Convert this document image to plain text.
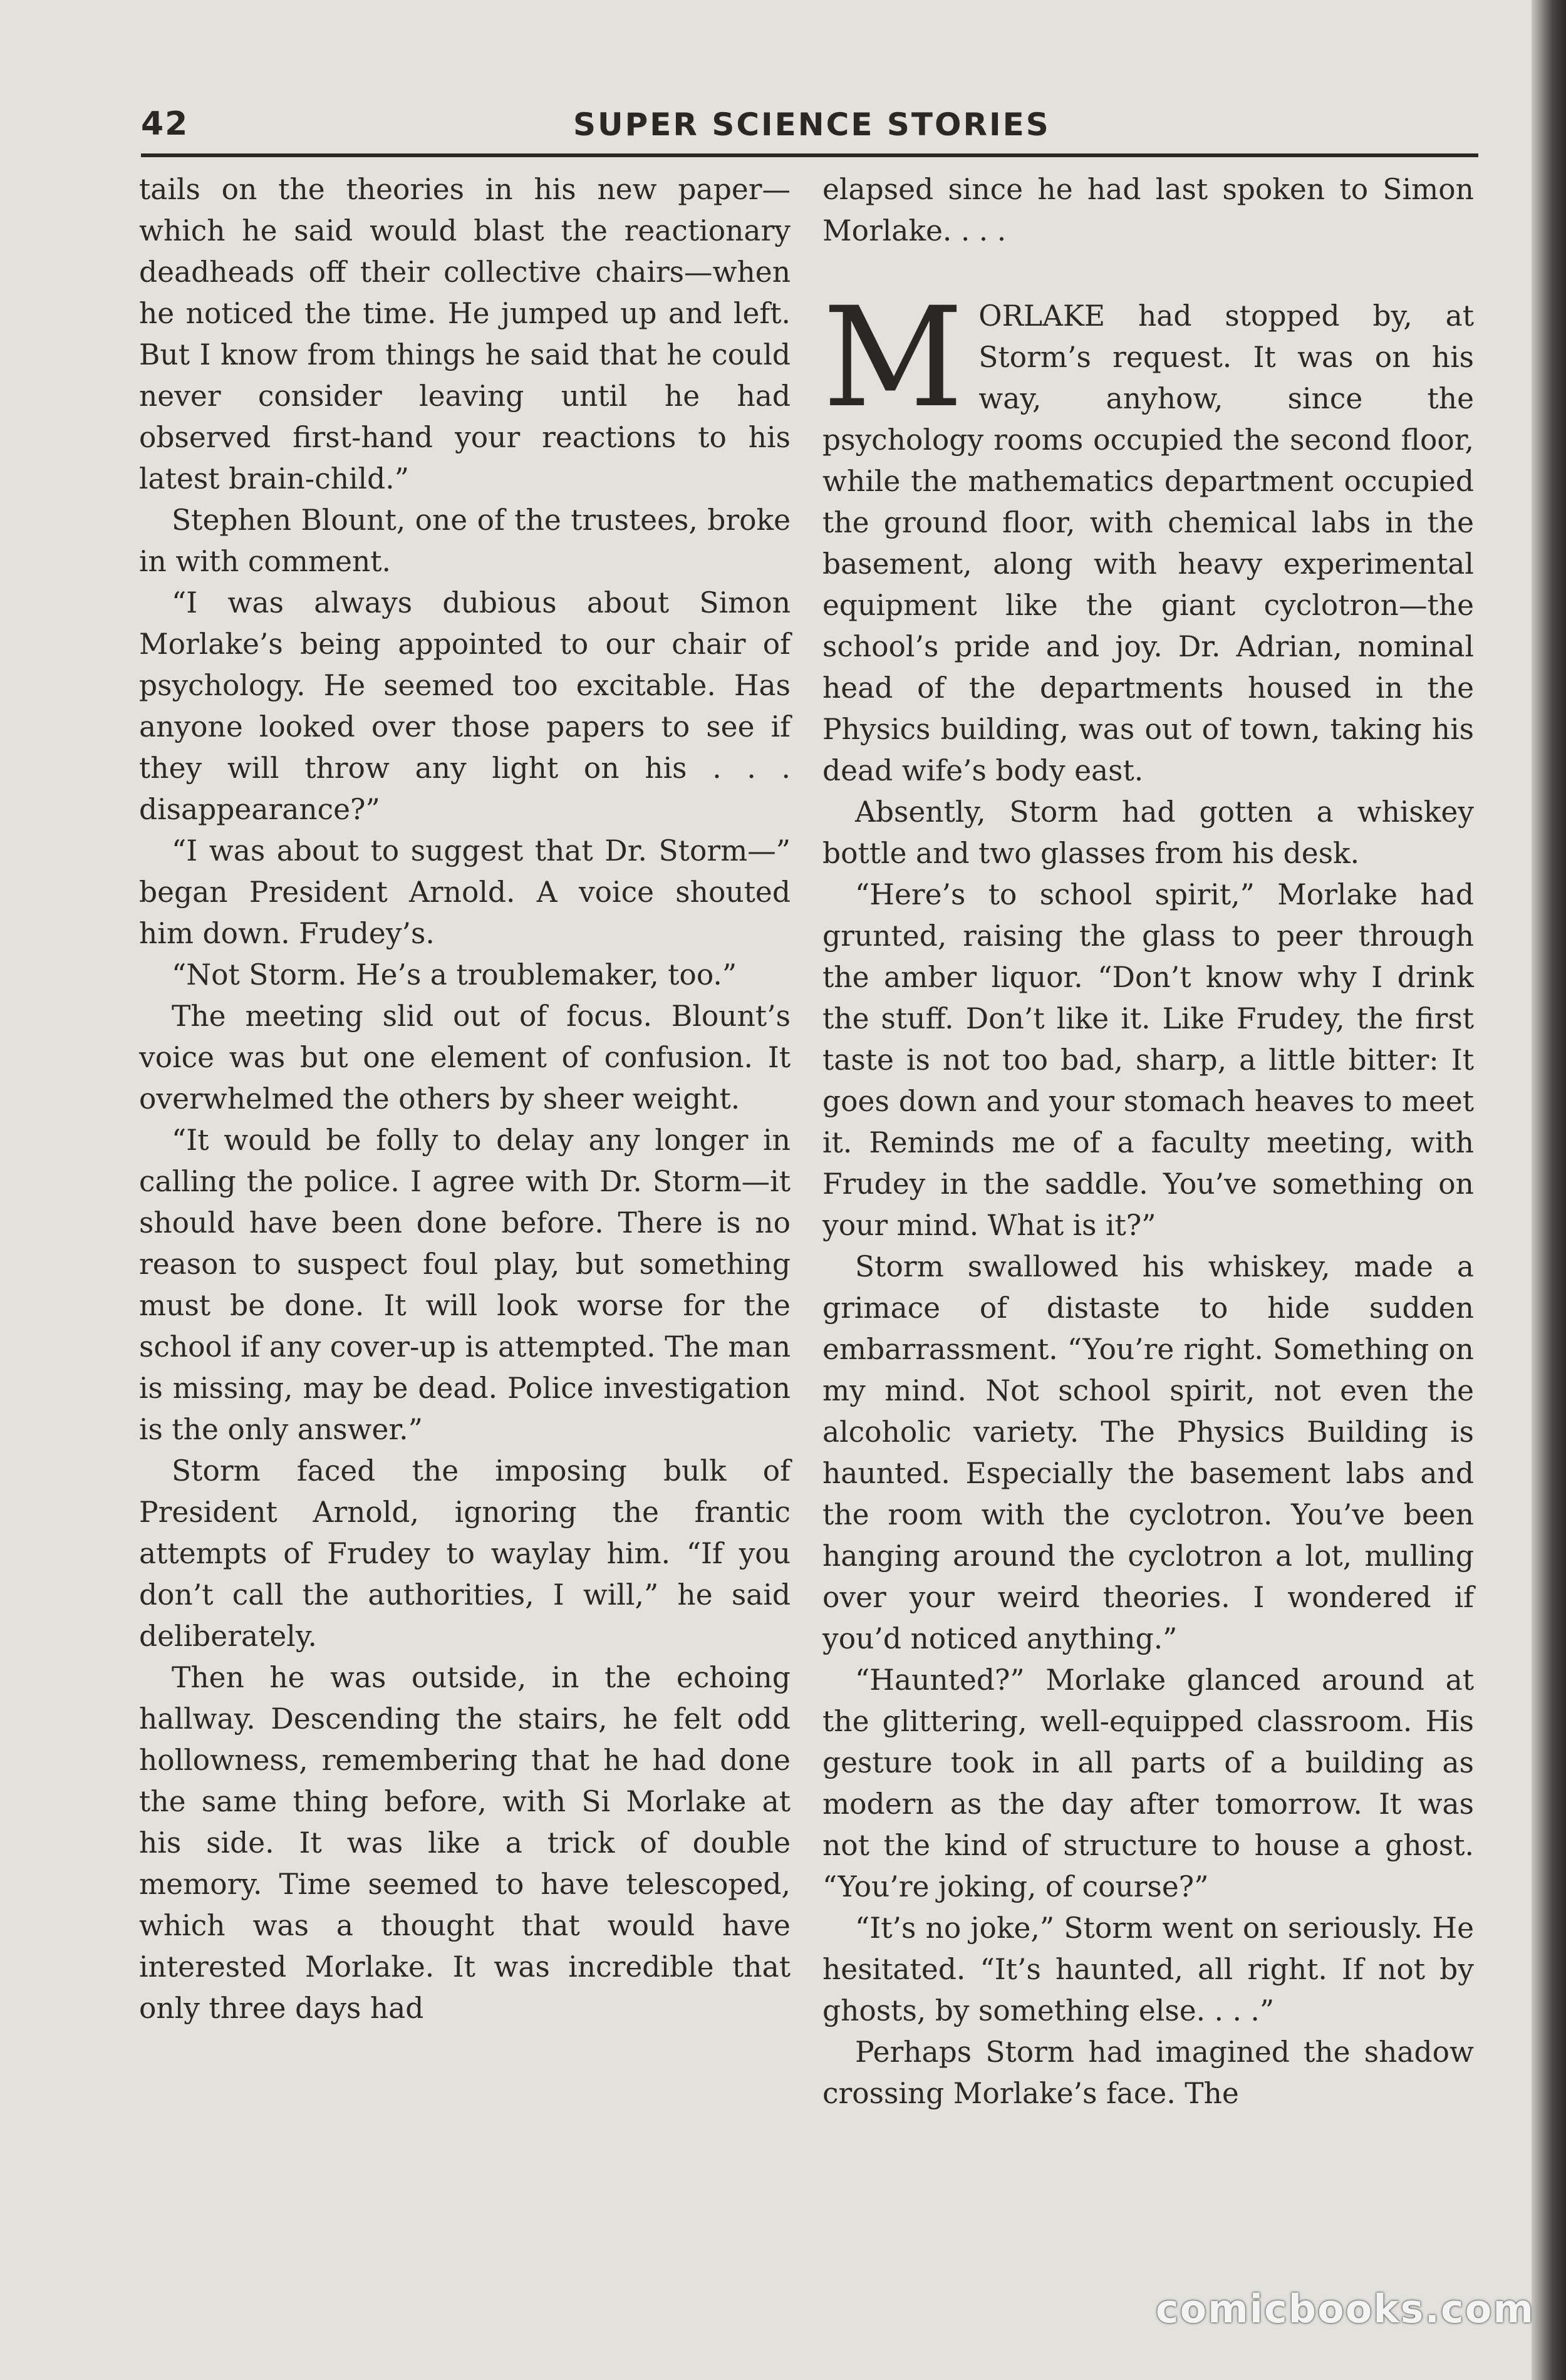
42	SUPER SCIENCE STORIES

tails on the theories in his new paper—which he said would blast the reactionary deadheads off their collective chairs—when he noticed the time. He jumped up and left. But I know from things he said that he could never consider leaving until he had observed first-hand your reactions to his latest brain-child.”

Stephen Blount, one of the trustees, broke in with comment.

“I was always dubious about Simon Morlake’s being appointed to our chair of psychology. He seemed too excitable. Has anyone looked over those papers to see if they will throw any light on his . . . disappearance?”

“I was about to suggest that Dr. Storm—” began President Arnold. A voice shouted him down. Frudey’s.

“Not Storm. He’s a troublemaker, too.”

The meeting slid out of focus. Blount’s voice was but one element of confusion. It overwhelmed the others by sheer weight.

“It would be folly to delay any longer in calling the police. I agree with Dr. Storm—it should have been done before. There is no reason to suspect foul play, but something must be done. It will look worse for the school if any cover-up is attempted. The man is missing, may be dead. Police investigation is the only answer.”

Storm faced the imposing bulk of President Arnold, ignoring the frantic attempts of Frudey to waylay him. “If you don’t call the authorities, I will,” he said deliberately.

Then he was outside, in the echoing hallway. Descending the stairs, he felt odd hollowness, remembering that he had done the same thing before, with Si Morlake at his side. It was like a trick of double memory. Time seemed to have telescoped, which was a thought that would have interested Morlake. It was incredible that only three days had

elapsed since he had last spoken to Simon Morlake. . . .

MORLAKE had stopped by, at Storm’s request. It was on his way, anyhow, since the psychology rooms occupied the second floor, while the mathematics department occupied the ground floor, with chemical labs in the basement, along with heavy experimental equipment like the giant cyclotron—the school’s pride and joy. Dr. Adrian, nominal head of the departments housed in the Physics building, was out of town, taking his dead wife’s body east.

Absently, Storm had gotten a whiskey bottle and two glasses from his desk.

“Here’s to school spirit,” Morlake had grunted, raising the glass to peer through the amber liquor. “Don’t know why I drink the stuff. Don’t like it. Like Frudey, the first taste is not too bad, sharp, a little bitter: It goes down and your stomach heaves to meet it. Reminds me of a faculty meeting, with Frudey in the saddle. You’ve something on your mind. What is it?”

Storm swallowed his whiskey, made a grimace of distaste to hide sudden embarrassment. “You’re right. Something on my mind. Not school spirit, not even the alcoholic variety. The Physics Building is haunted. Especially the basement labs and the room with the cyclotron. You’ve been hanging around the cyclotron a lot, mulling over your weird theories. I wondered if you’d noticed anything.”

“Haunted?” Morlake glanced around at the glittering, well-equipped classroom. His gesture took in all parts of a building as modern as the day after tomorrow. It was not the kind of structure to house a ghost. “You’re joking, of course?”

“It’s no joke,” Storm went on seriously. He hesitated. “It’s haunted, all right. If not by ghosts, by something else. . . .”

Perhaps Storm had imagined the shadow crossing Morlake’s face. The

comicbooks.com
